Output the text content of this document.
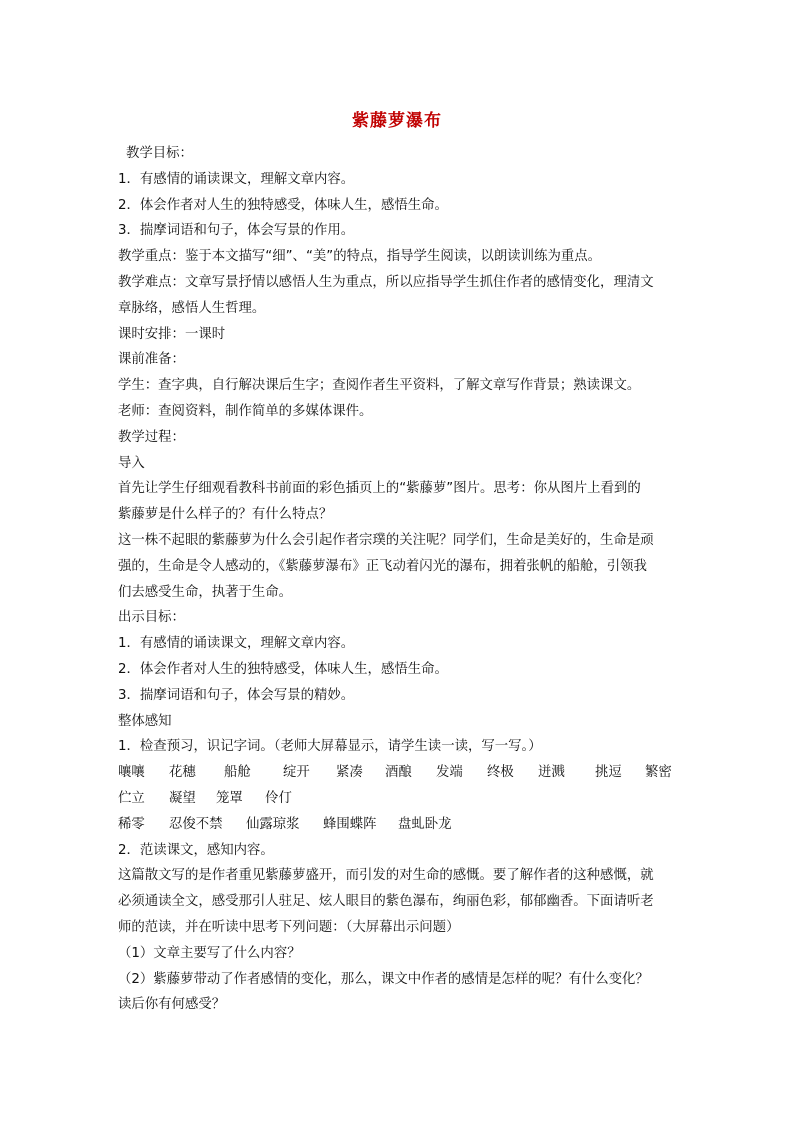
紫藤萝瀑布
教学目标：
1．有感情的诵读课文，理解文章内容。
2．体会作者对人生的独特感受，体味人生，感悟生命。
3．揣摩词语和句子，体会写景的作用。
教学重点：鉴于本文描写“细”、“美”的特点，指导学生阅读，以朗读训练为重点。
教学难点：文章写景抒情以感悟人生为重点，所以应指导学生抓住作者的感情变化，理清文
章脉络，感悟人生哲理。
课时安排：一课时
课前准备：
学生：查字典，自行解决课后生字；查阅作者生平资料，了解文章写作背景；熟读课文。
老师：查阅资料，制作简单的多媒体课件。
教学过程：
导入
首先让学生仔细观看教科书前面的彩色插页上的“紫藤萝”图片。思考：你从图片上看到的
紫藤萝是什么样子的？有什么特点？
这一株不起眼的紫藤萝为什么会引起作者宗璞的关注呢？同学们，生命是美好的，生命是顽
强的，生命是令人感动的，《紫藤萝瀑布》正飞动着闪光的瀑布，拥着张帆的船舱，引领我
们去感受生命，执著于生命。
出示目标：
1．有感情的诵读课文，理解文章内容。
2．体会作者对人生的独特感受，体味人生，感悟生命。
3．揣摩词语和句子，体会写景的精妙。
整体感知
1．检查预习，识记字词。（老师大屏幕显示，请学生读一读，写一写。）
嚷嚷	花穗	船舱	绽开	紧凑	酒酿	发端	终极	迸溅	挑逗	繁密
伫立	凝望	笼罩	伶仃
稀零	忍俊不禁	仙露琼浆	蜂围蝶阵	盘虬卧龙
2．范读课文，感知内容。
这篇散文写的是作者重见紫藤萝盛开，而引发的对生命的感慨。要了解作者的这种感慨，就
必须通读全文，感受那引人驻足、炫人眼目的紫色瀑布，绚丽色彩，郁郁幽香。下面请听老
师的范读，并在听读中思考下列问题：（大屏幕出示问题）
（1）文章主要写了什么内容？
（2）紫藤萝带动了作者感情的变化，那么，课文中作者的感情是怎样的呢？有什么变化？
读后你有何感受？
